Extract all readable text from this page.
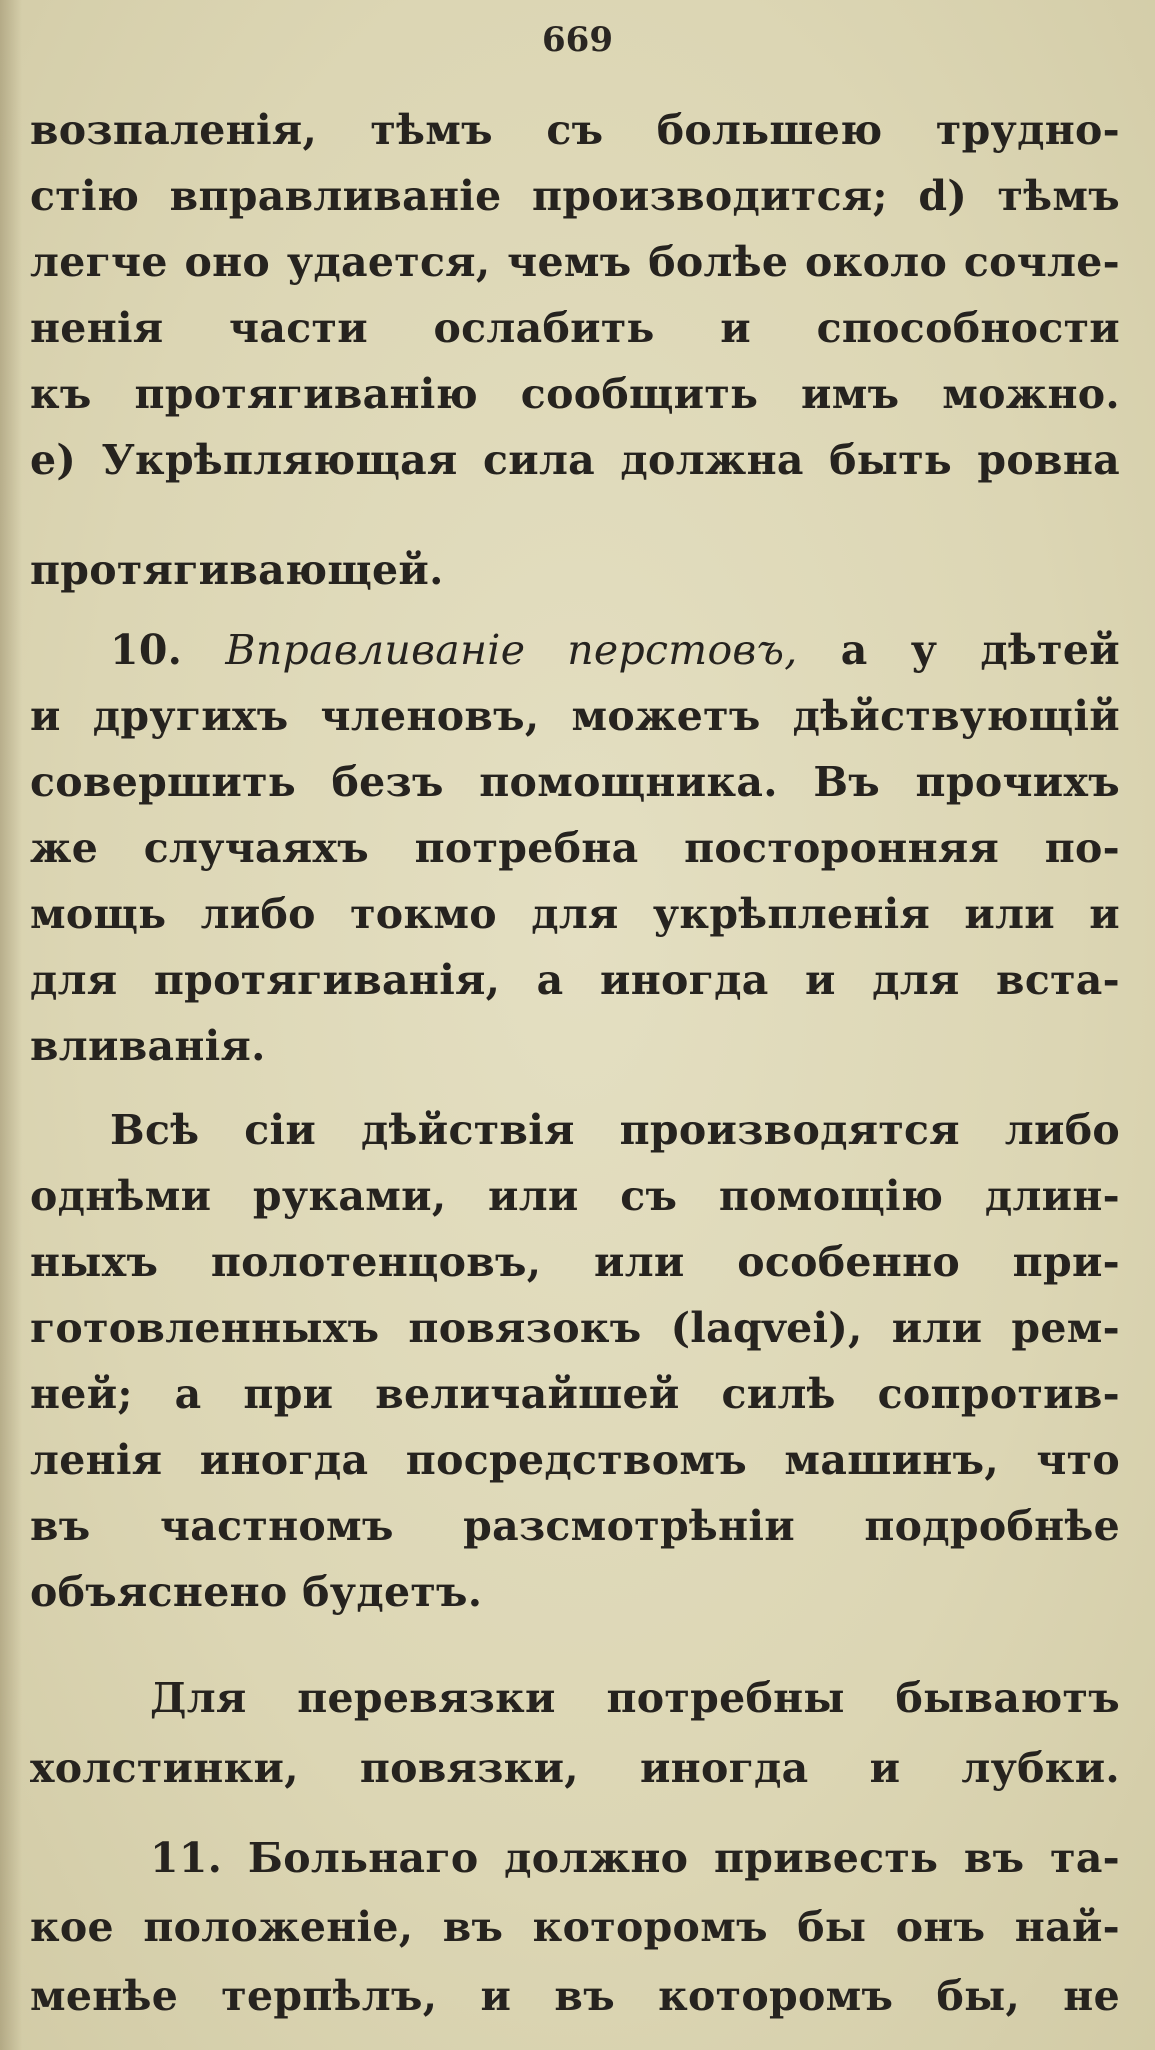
669
возпаленія, тѣмъ съ большею трудно-
стію вправливаніе производится; d) тѣмъ
легче оно удается, чемъ болѣе около сочле-
ненія части ослабить и способности
къ протягиванію сообщить имъ можно.
е) Укрѣпляющая сила должна быть ровна
протягивающей.
10. Вправливаніе перстовъ, а у дѣтей
и другихъ членовъ, можетъ дѣйствующій
совершить безъ помощника. Въ прочихъ
же случаяхъ потребна посторонняя по-
мощь либо токмо для укрѣпленія или и
для протягиванія, а иногда и для вста-
вливанія.
Всѣ сіи дѣйствія производятся либо
однѣми руками, или съ помощію длин-
ныхъ полотенцовъ, или особенно при-
готовленныхъ повязокъ (laqvei), или рем-
ней; а при величайшей силѣ сопротив-
ленія иногда посредствомъ машинъ, что
въ частномъ разсмотрѣніи подробнѣе
объяснено будетъ.
Для перевязки потребны бываютъ
холстинки, повязки, иногда и лубки.
11. Больнаго должно привесть въ та-
кое положеніе, въ которомъ бы онъ най-
менѣе терпѣлъ, и въ которомъ бы, не
